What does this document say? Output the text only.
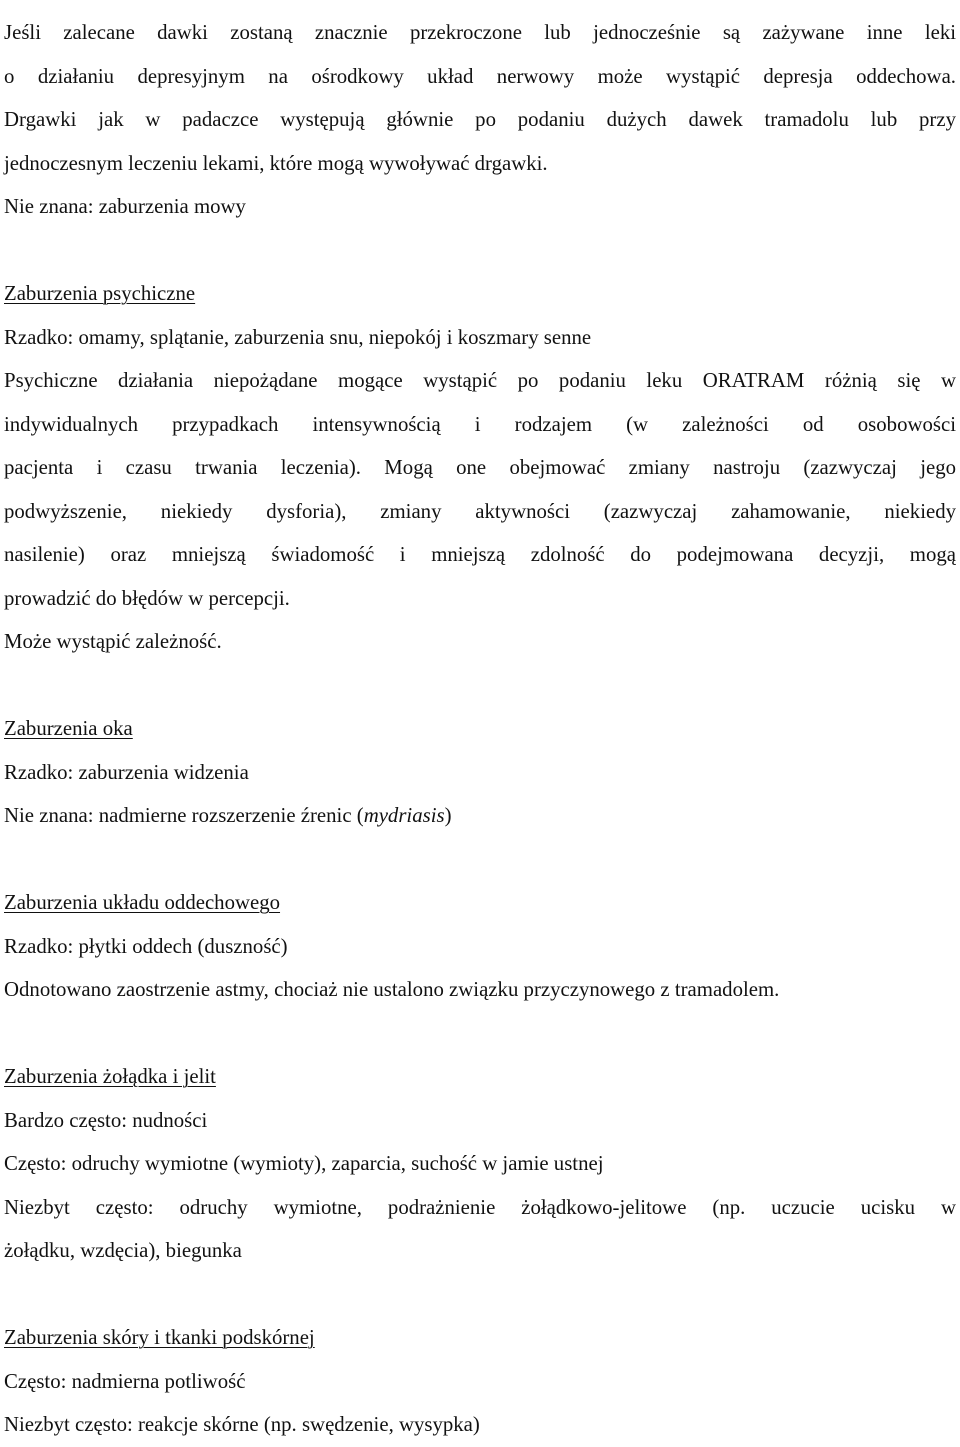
Jeśli zalecane dawki zostaną znacznie przekroczone lub jednocześnie są zażywane inne leki
o działaniu depresyjnym na ośrodkowy układ nerwowy może wystąpić depresja oddechowa.
Drgawki jak w padaczce występują głównie po podaniu dużych dawek tramadolu lub przy
jednoczesnym leczeniu lekami, które mogą wywoływać drgawki.
Nie znana: zaburzenia mowy
Zaburzenia psychiczne
Rzadko: omamy, splątanie, zaburzenia snu, niepokój i koszmary senne
Psychiczne działania niepożądane mogące wystąpić po podaniu leku ORATRAM różnią się w
indywidualnych przypadkach intensywnością i rodzajem (w zależności od osobowości
pacjenta i czasu trwania leczenia). Mogą one obejmować zmiany nastroju (zazwyczaj jego
podwyższenie, niekiedy dysforia), zmiany aktywności (zazwyczaj zahamowanie, niekiedy
nasilenie) oraz mniejszą świadomość i mniejszą zdolność do podejmowana decyzji, mogą
prowadzić do błędów w percepcji.
Może wystąpić zależność.
Zaburzenia oka
Rzadko: zaburzenia widzenia
Nie znana: nadmierne rozszerzenie źrenic (mydriasis)
Zaburzenia układu oddechowego
Rzadko: płytki oddech (duszność)
Odnotowano zaostrzenie astmy, chociaż nie ustalono związku przyczynowego z tramadolem.
Zaburzenia żołądka i jelit
Bardzo często: nudności
Często: odruchy wymiotne (wymioty), zaparcia, suchość w jamie ustnej
Niezbyt często: odruchy wymiotne, podrażnienie żołądkowo-jelitowe (np. uczucie ucisku w
żołądku, wzdęcia), biegunka
Zaburzenia skóry i tkanki podskórnej
Często: nadmierna potliwość
Niezbyt często: reakcje skórne (np. swędzenie, wysypka)
